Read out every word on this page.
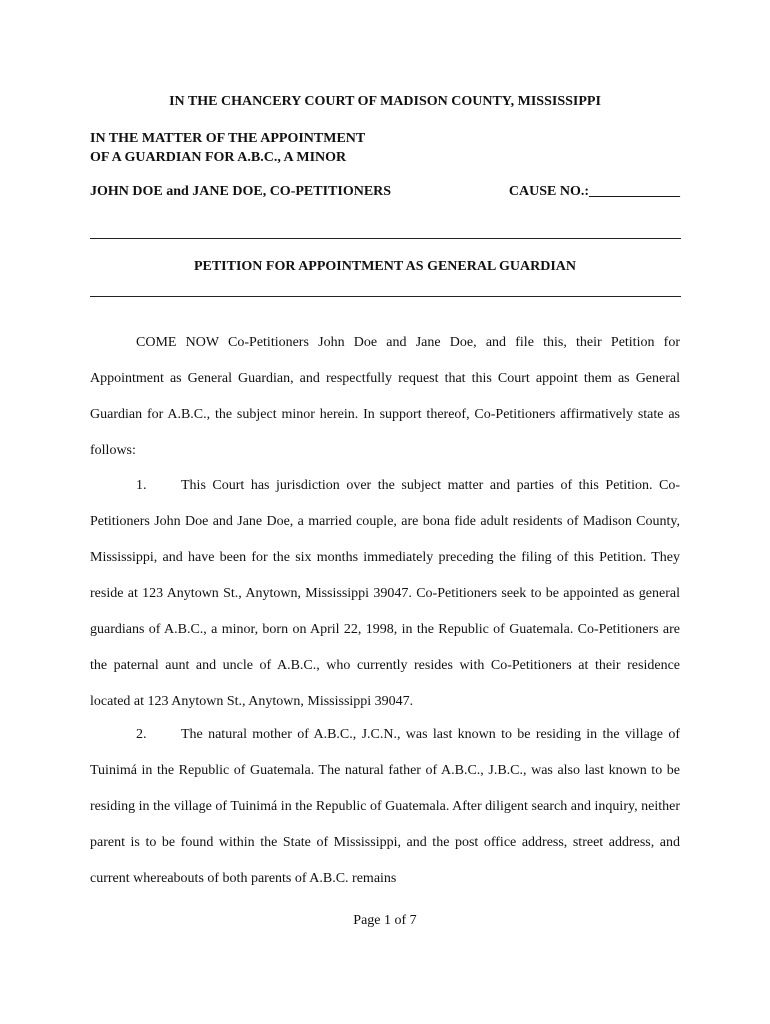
IN THE CHANCERY COURT OF MADISON COUNTY, MISSISSIPPI
IN THE MATTER OF THE APPOINTMENT
OF A GUARDIAN FOR A.B.C., A MINOR
JOHN DOE and JANE DOE, CO-PETITIONERS	CAUSE NO.:_____________
PETITION FOR APPOINTMENT AS GENERAL GUARDIAN

COME NOW Co-Petitioners John Doe and Jane Doe, and file this, their Petition for Appointment as General Guardian, and respectfully request that this Court appoint them as General Guardian for A.B.C., the subject minor herein. In support thereof, Co-Petitioners affirmatively state as follows:

1. This Court has jurisdiction over the subject matter and parties of this Petition. Co-Petitioners John Doe and Jane Doe, a married couple, are bona fide adult residents of Madison County, Mississippi, and have been for the six months immediately preceding the filing of this Petition. They reside at 123 Anytown St., Anytown, Mississippi 39047. Co-Petitioners seek to be appointed as general guardians of A.B.C., a minor, born on April 22, 1998, in the Republic of Guatemala. Co-Petitioners are the paternal aunt and uncle of A.B.C., who currently resides with Co-Petitioners at their residence located at 123 Anytown St., Anytown, Mississippi 39047.

2. The natural mother of A.B.C., J.C.N., was last known to be residing in the village of Tuinimá in the Republic of Guatemala. The natural father of A.B.C., J.B.C., was also last known to be residing in the village of Tuinimá in the Republic of Guatemala. After diligent search and inquiry, neither parent is to be found within the State of Mississippi, and the post office address, street address, and current whereabouts of both parents of A.B.C. remains

Page 1 of 7
